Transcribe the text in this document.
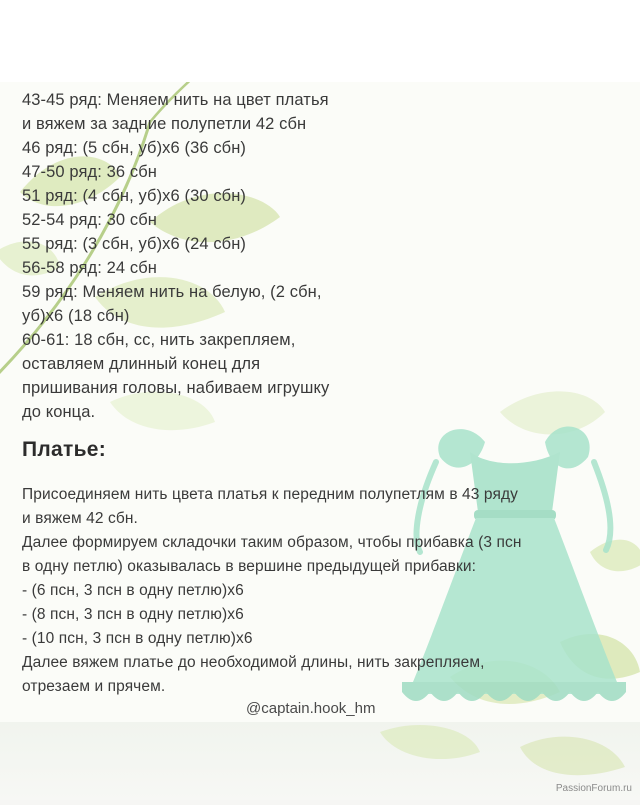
43-45 ряд: Меняем нить на цвет платья
и вяжем за задние полупетли 42 сбн
46 ряд: (5 сбн, уб)х6 (36 сбн)
47-50 ряд: 36 сбн
51 ряд: (4 сбн, уб)х6 (30 сбн)
52-54 ряд: 30 сбн
55 ряд: (3 сбн, уб)х6 (24 сбн)
56-58 ряд: 24 сбн
59 ряд: Меняем нить на белую, (2 сбн,
уб)х6 (18 сбн)
60-61: 18 сбн, сс, нить закрепляем,
оставляем длинный конец для
пришивания головы, набиваем игрушку
до конца.
Платье:
Присоединяем нить цвета платья к передним полупетлям в 43 ряду
и вяжем 42 сбн.
Далее формируем складочки таким образом, чтобы прибавка (3 псн
в одну петлю) оказывалась в вершине предыдущей прибавки:
- (6 псн, 3 псн в одну петлю)х6
- (8 псн, 3 псн в одну петлю)х6
- (10 псн, 3 псн в одну петлю)х6
Далее вяжем платье до необходимой длины, нить закрепляем,
отрезаем и прячем.
@captain.hook_hm
PassionForum.ru
